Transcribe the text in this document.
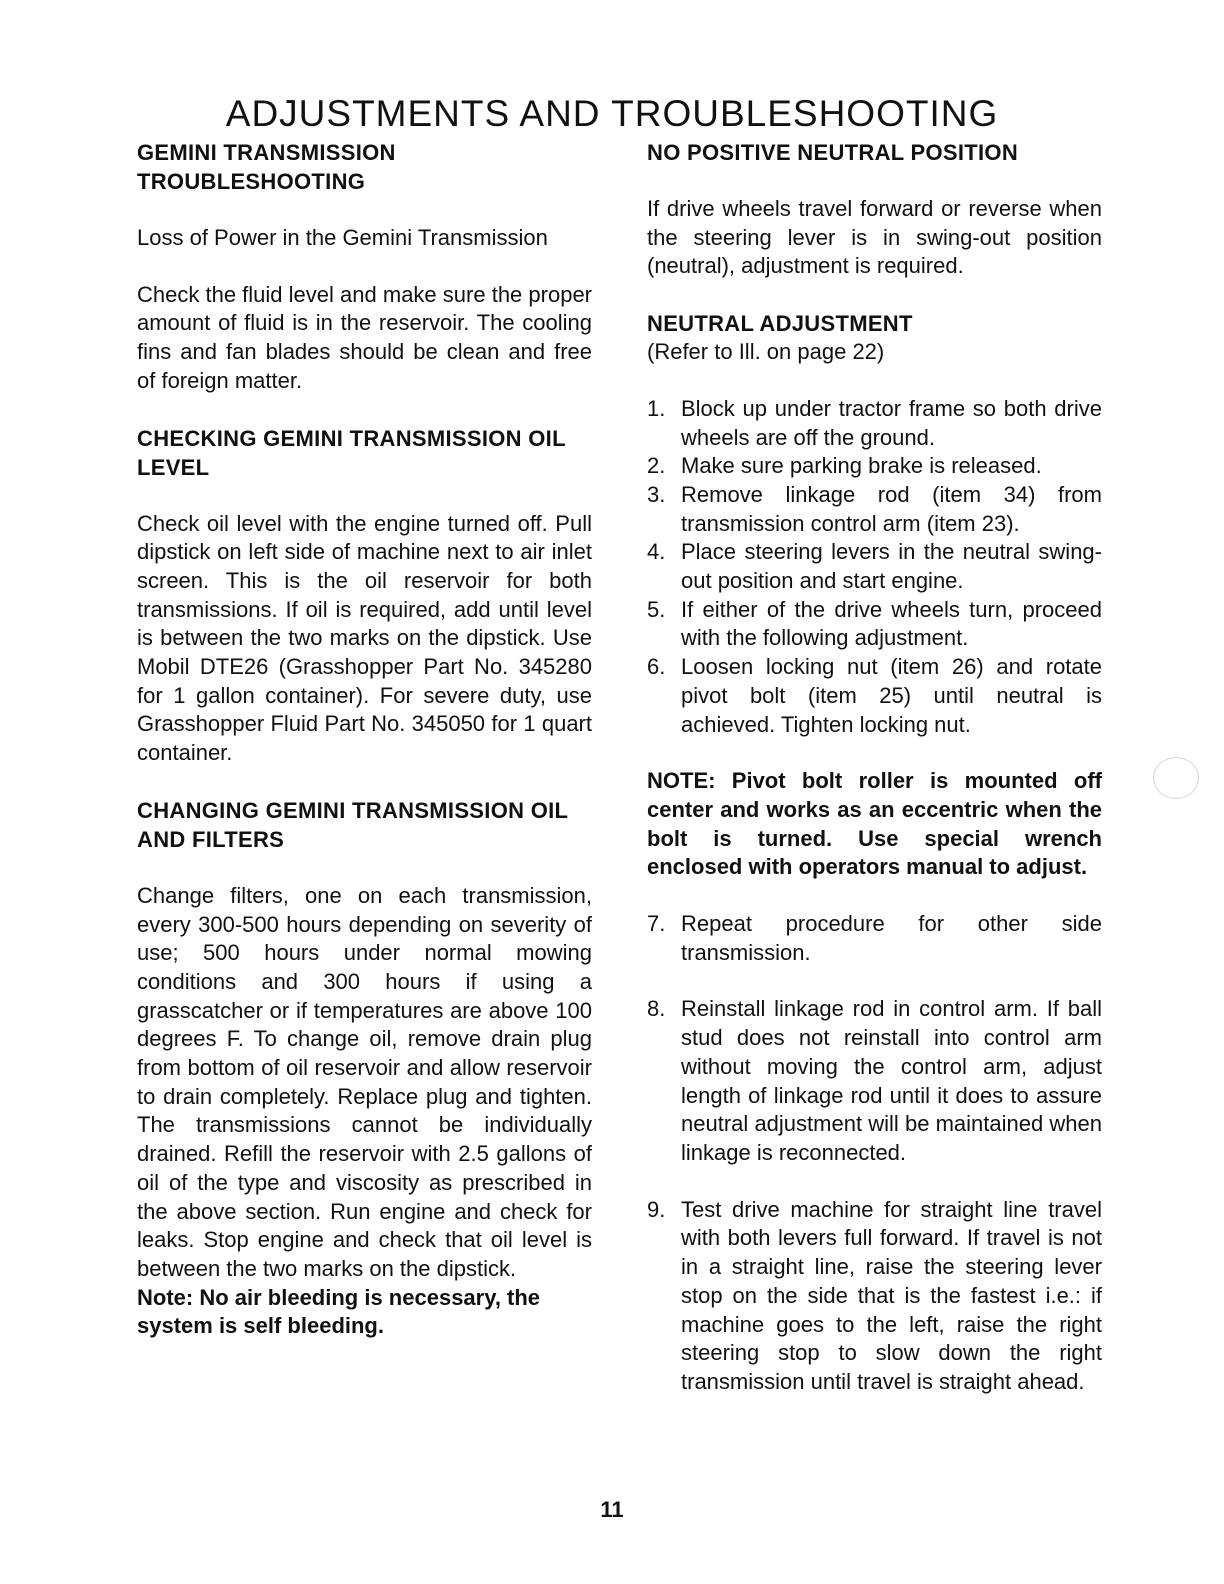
ADJUSTMENTS AND TROUBLESHOOTING
GEMINI TRANSMISSION TROUBLESHOOTING

Loss of Power in the Gemini Transmission

Check the fluid level and make sure the proper amount of fluid is in the reservoir. The cooling fins and fan blades should be clean and free of foreign matter.

CHECKING GEMINI TRANSMISSION OIL LEVEL

Check oil level with the engine turned off. Pull dipstick on left side of machine next to air inlet screen. This is the oil reservoir for both transmissions. If oil is required, add until level is between the two marks on the dipstick. Use Mobil DTE26 (Grasshopper Part No. 345280 for 1 gallon container). For severe duty, use Grasshopper Fluid Part No. 345050 for 1 quart container.

CHANGING GEMINI TRANSMISSION OIL AND FILTERS

Change filters, one on each transmission, every 300-500 hours depending on severity of use; 500 hours under normal mowing conditions and 300 hours if using a grasscatcher or if temperatures are above 100 degrees F. To change oil, remove drain plug from bottom of oil reservoir and allow reservoir to drain completely. Replace plug and tighten. The transmissions cannot be individually drained. Refill the reservoir with 2.5 gallons of oil of the type and viscosity as prescribed in the above section. Run engine and check for leaks. Stop engine and check that oil level is between the two marks on the dipstick.

Note: No air bleeding is necessary, the system is self bleeding.

NO POSITIVE NEUTRAL POSITION

If drive wheels travel forward or reverse when the steering lever is in swing-out position (neutral), adjustment is required.

NEUTRAL ADJUSTMENT

(Refer to Ill. on page 22)

1. Block up under tractor frame so both drive wheels are off the ground.
2. Make sure parking brake is released.
3. Remove linkage rod (item 34) from transmission control arm (item 23).
4. Place steering levers in the neutral swing-out position and start engine.
5. If either of the drive wheels turn, proceed with the following adjustment.
6. Loosen locking nut (item 26) and rotate pivot bolt (item 25) until neutral is achieved. Tighten locking nut.

NOTE: Pivot bolt roller is mounted off center and works as an eccentric when the bolt is turned. Use special wrench enclosed with operators manual to adjust.

7. Repeat procedure for other side transmission.
8. Reinstall linkage rod in control arm. If ball stud does not reinstall into control arm without moving the control arm, adjust length of linkage rod until it does to assure neutral adjustment will be maintained when linkage is reconnected.
9. Test drive machine for straight line travel with both levers full forward. If travel is not in a straight line, raise the steering lever stop on the side that is the fastest i.e.: if machine goes to the left, raise the right steering stop to slow down the right transmission until travel is straight ahead.
11
